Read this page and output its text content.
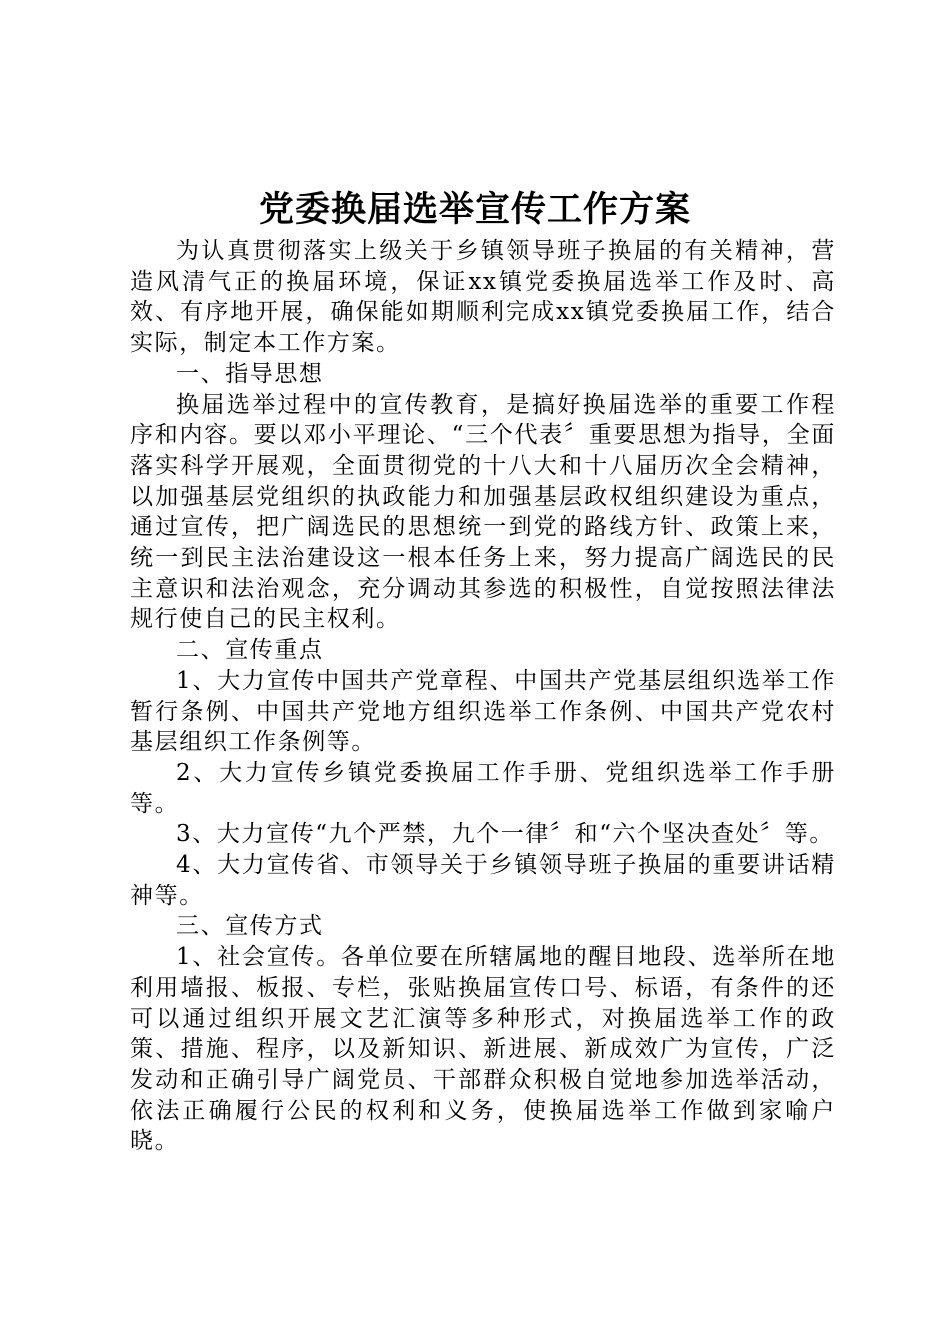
党委换届选举宣传工作方案

为认真贯彻落实上级关于乡镇领导班子换届的有关精神，营造风清气正的换届环境，保证xx镇党委换届选举工作及时、高效、有序地开展，确保能如期顺利完成xx镇党委换届工作，结合实际，制定本工作方案。

一、指导思想

换届选举过程中的宣传教育，是搞好换届选举的重要工作程序和内容。要以邓小平理论、“三个代表〞重要思想为指导，全面落实科学开展观，全面贯彻党的十八大和十八届历次全会精神，以加强基层党组织的执政能力和加强基层政权组织建设为重点，通过宣传，把广阔选民的思想统一到党的路线方针、政策上来，统一到民主法治建设这一根本任务上来，努力提高广阔选民的民主意识和法治观念，充分调动其参选的积极性，自觉按照法律法规行使自己的民主权利。

二、宣传重点

1、大力宣传中国共产党章程、中国共产党基层组织选举工作暂行条例、中国共产党地方组织选举工作条例、中国共产党农村基层组织工作条例等。

2、大力宣传乡镇党委换届工作手册、党组织选举工作手册等。

3、大力宣传“九个严禁，九个一律〞和“六个坚决查处〞等。

4、大力宣传省、市领导关于乡镇领导班子换届的重要讲话精神等。

三、宣传方式

1、社会宣传。各单位要在所辖属地的醒目地段、选举所在地利用墙报、板报、专栏，张贴换届宣传口号、标语，有条件的还可以通过组织开展文艺汇演等多种形式，对换届选举工作的政策、措施、程序，以及新知识、新进展、新成效广为宣传，广泛发动和正确引导广阔党员、干部群众积极自觉地参加选举活动，依法正确履行公民的权利和义务，使换届选举工作做到家喻户晓。
